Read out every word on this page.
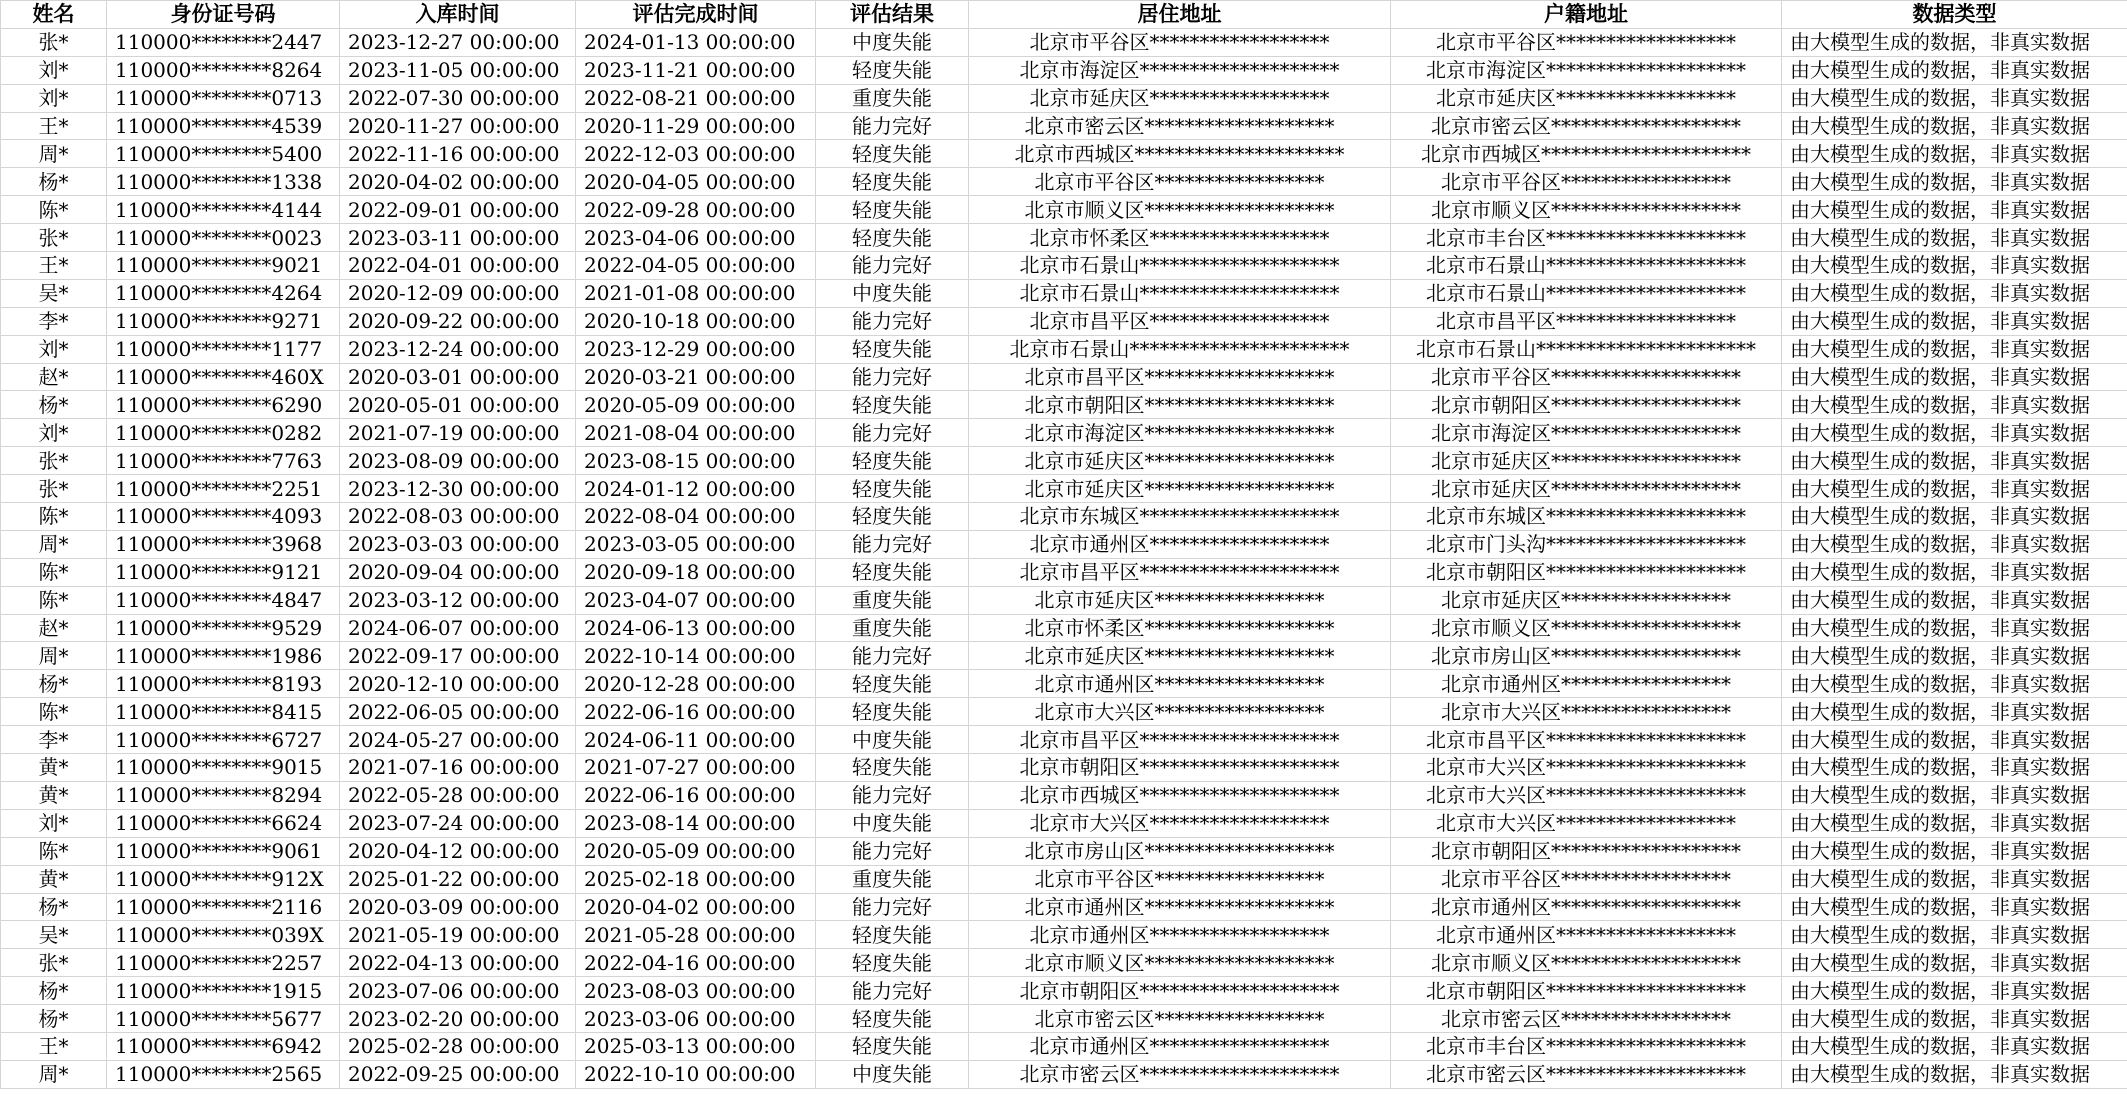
姓名	身份证号码	入库时间	评估完成时间	评估结果	居住地址	户籍地址	数据类型
张*	110000********2447	2023-12-27 00:00:00	2024-01-13 00:00:00	中度失能	北京市平谷区******************	北京市平谷区******************	由大模型生成的数据，非真实数据
刘*	110000********8264	2023-11-05 00:00:00	2023-11-21 00:00:00	轻度失能	北京市海淀区********************	北京市海淀区********************	由大模型生成的数据，非真实数据
刘*	110000********0713	2022-07-30 00:00:00	2022-08-21 00:00:00	重度失能	北京市延庆区******************	北京市延庆区******************	由大模型生成的数据，非真实数据
王*	110000********4539	2020-11-27 00:00:00	2020-11-29 00:00:00	能力完好	北京市密云区*******************	北京市密云区*******************	由大模型生成的数据，非真实数据
周*	110000********5400	2022-11-16 00:00:00	2022-12-03 00:00:00	轻度失能	北京市西城区*********************	北京市西城区*********************	由大模型生成的数据，非真实数据
杨*	110000********1338	2020-04-02 00:00:00	2020-04-05 00:00:00	轻度失能	北京市平谷区*****************	北京市平谷区*****************	由大模型生成的数据，非真实数据
陈*	110000********4144	2022-09-01 00:00:00	2022-09-28 00:00:00	轻度失能	北京市顺义区*******************	北京市顺义区*******************	由大模型生成的数据，非真实数据
张*	110000********0023	2023-03-11 00:00:00	2023-04-06 00:00:00	轻度失能	北京市怀柔区******************	北京市丰台区********************	由大模型生成的数据，非真实数据
王*	110000********9021	2022-04-01 00:00:00	2022-04-05 00:00:00	能力完好	北京市石景山********************	北京市石景山********************	由大模型生成的数据，非真实数据
吴*	110000********4264	2020-12-09 00:00:00	2021-01-08 00:00:00	中度失能	北京市石景山********************	北京市石景山********************	由大模型生成的数据，非真实数据
李*	110000********9271	2020-09-22 00:00:00	2020-10-18 00:00:00	能力完好	北京市昌平区******************	北京市昌平区******************	由大模型生成的数据，非真实数据
刘*	110000********1177	2023-12-24 00:00:00	2023-12-29 00:00:00	轻度失能	北京市石景山**********************	北京市石景山**********************	由大模型生成的数据，非真实数据
赵*	110000********460X	2020-03-01 00:00:00	2020-03-21 00:00:00	能力完好	北京市昌平区*******************	北京市平谷区*******************	由大模型生成的数据，非真实数据
杨*	110000********6290	2020-05-01 00:00:00	2020-05-09 00:00:00	轻度失能	北京市朝阳区*******************	北京市朝阳区*******************	由大模型生成的数据，非真实数据
刘*	110000********0282	2021-07-19 00:00:00	2021-08-04 00:00:00	能力完好	北京市海淀区*******************	北京市海淀区*******************	由大模型生成的数据，非真实数据
张*	110000********7763	2023-08-09 00:00:00	2023-08-15 00:00:00	轻度失能	北京市延庆区*******************	北京市延庆区*******************	由大模型生成的数据，非真实数据
张*	110000********2251	2023-12-30 00:00:00	2024-01-12 00:00:00	轻度失能	北京市延庆区*******************	北京市延庆区*******************	由大模型生成的数据，非真实数据
陈*	110000********4093	2022-08-03 00:00:00	2022-08-04 00:00:00	轻度失能	北京市东城区********************	北京市东城区********************	由大模型生成的数据，非真实数据
周*	110000********3968	2023-03-03 00:00:00	2023-03-05 00:00:00	能力完好	北京市通州区******************	北京市门头沟********************	由大模型生成的数据，非真实数据
陈*	110000********9121	2020-09-04 00:00:00	2020-09-18 00:00:00	轻度失能	北京市昌平区********************	北京市朝阳区********************	由大模型生成的数据，非真实数据
陈*	110000********4847	2023-03-12 00:00:00	2023-04-07 00:00:00	重度失能	北京市延庆区*****************	北京市延庆区*****************	由大模型生成的数据，非真实数据
赵*	110000********9529	2024-06-07 00:00:00	2024-06-13 00:00:00	重度失能	北京市怀柔区*******************	北京市顺义区*******************	由大模型生成的数据，非真实数据
周*	110000********1986	2022-09-17 00:00:00	2022-10-14 00:00:00	能力完好	北京市延庆区*******************	北京市房山区*******************	由大模型生成的数据，非真实数据
杨*	110000********8193	2020-12-10 00:00:00	2020-12-28 00:00:00	轻度失能	北京市通州区*****************	北京市通州区*****************	由大模型生成的数据，非真实数据
陈*	110000********8415	2022-06-05 00:00:00	2022-06-16 00:00:00	轻度失能	北京市大兴区*****************	北京市大兴区*****************	由大模型生成的数据，非真实数据
李*	110000********6727	2024-05-27 00:00:00	2024-06-11 00:00:00	中度失能	北京市昌平区********************	北京市昌平区********************	由大模型生成的数据，非真实数据
黄*	110000********9015	2021-07-16 00:00:00	2021-07-27 00:00:00	轻度失能	北京市朝阳区********************	北京市大兴区********************	由大模型生成的数据，非真实数据
黄*	110000********8294	2022-05-28 00:00:00	2022-06-16 00:00:00	能力完好	北京市西城区********************	北京市大兴区********************	由大模型生成的数据，非真实数据
刘*	110000********6624	2023-07-24 00:00:00	2023-08-14 00:00:00	中度失能	北京市大兴区******************	北京市大兴区******************	由大模型生成的数据，非真实数据
陈*	110000********9061	2020-04-12 00:00:00	2020-05-09 00:00:00	能力完好	北京市房山区*******************	北京市朝阳区*******************	由大模型生成的数据，非真实数据
黄*	110000********912X	2025-01-22 00:00:00	2025-02-18 00:00:00	重度失能	北京市平谷区*****************	北京市平谷区*****************	由大模型生成的数据，非真实数据
杨*	110000********2116	2020-03-09 00:00:00	2020-04-02 00:00:00	能力完好	北京市通州区*******************	北京市通州区*******************	由大模型生成的数据，非真实数据
吴*	110000********039X	2021-05-19 00:00:00	2021-05-28 00:00:00	轻度失能	北京市通州区******************	北京市通州区******************	由大模型生成的数据，非真实数据
张*	110000********2257	2022-04-13 00:00:00	2022-04-16 00:00:00	轻度失能	北京市顺义区*******************	北京市顺义区*******************	由大模型生成的数据，非真实数据
杨*	110000********1915	2023-07-06 00:00:00	2023-08-03 00:00:00	能力完好	北京市朝阳区********************	北京市朝阳区********************	由大模型生成的数据，非真实数据
杨*	110000********5677	2023-02-20 00:00:00	2023-03-06 00:00:00	轻度失能	北京市密云区*****************	北京市密云区*****************	由大模型生成的数据，非真实数据
王*	110000********6942	2025-02-28 00:00:00	2025-03-13 00:00:00	轻度失能	北京市通州区******************	北京市丰台区********************	由大模型生成的数据，非真实数据
周*	110000********2565	2022-09-25 00:00:00	2022-10-10 00:00:00	中度失能	北京市密云区********************	北京市密云区********************	由大模型生成的数据，非真实数据
